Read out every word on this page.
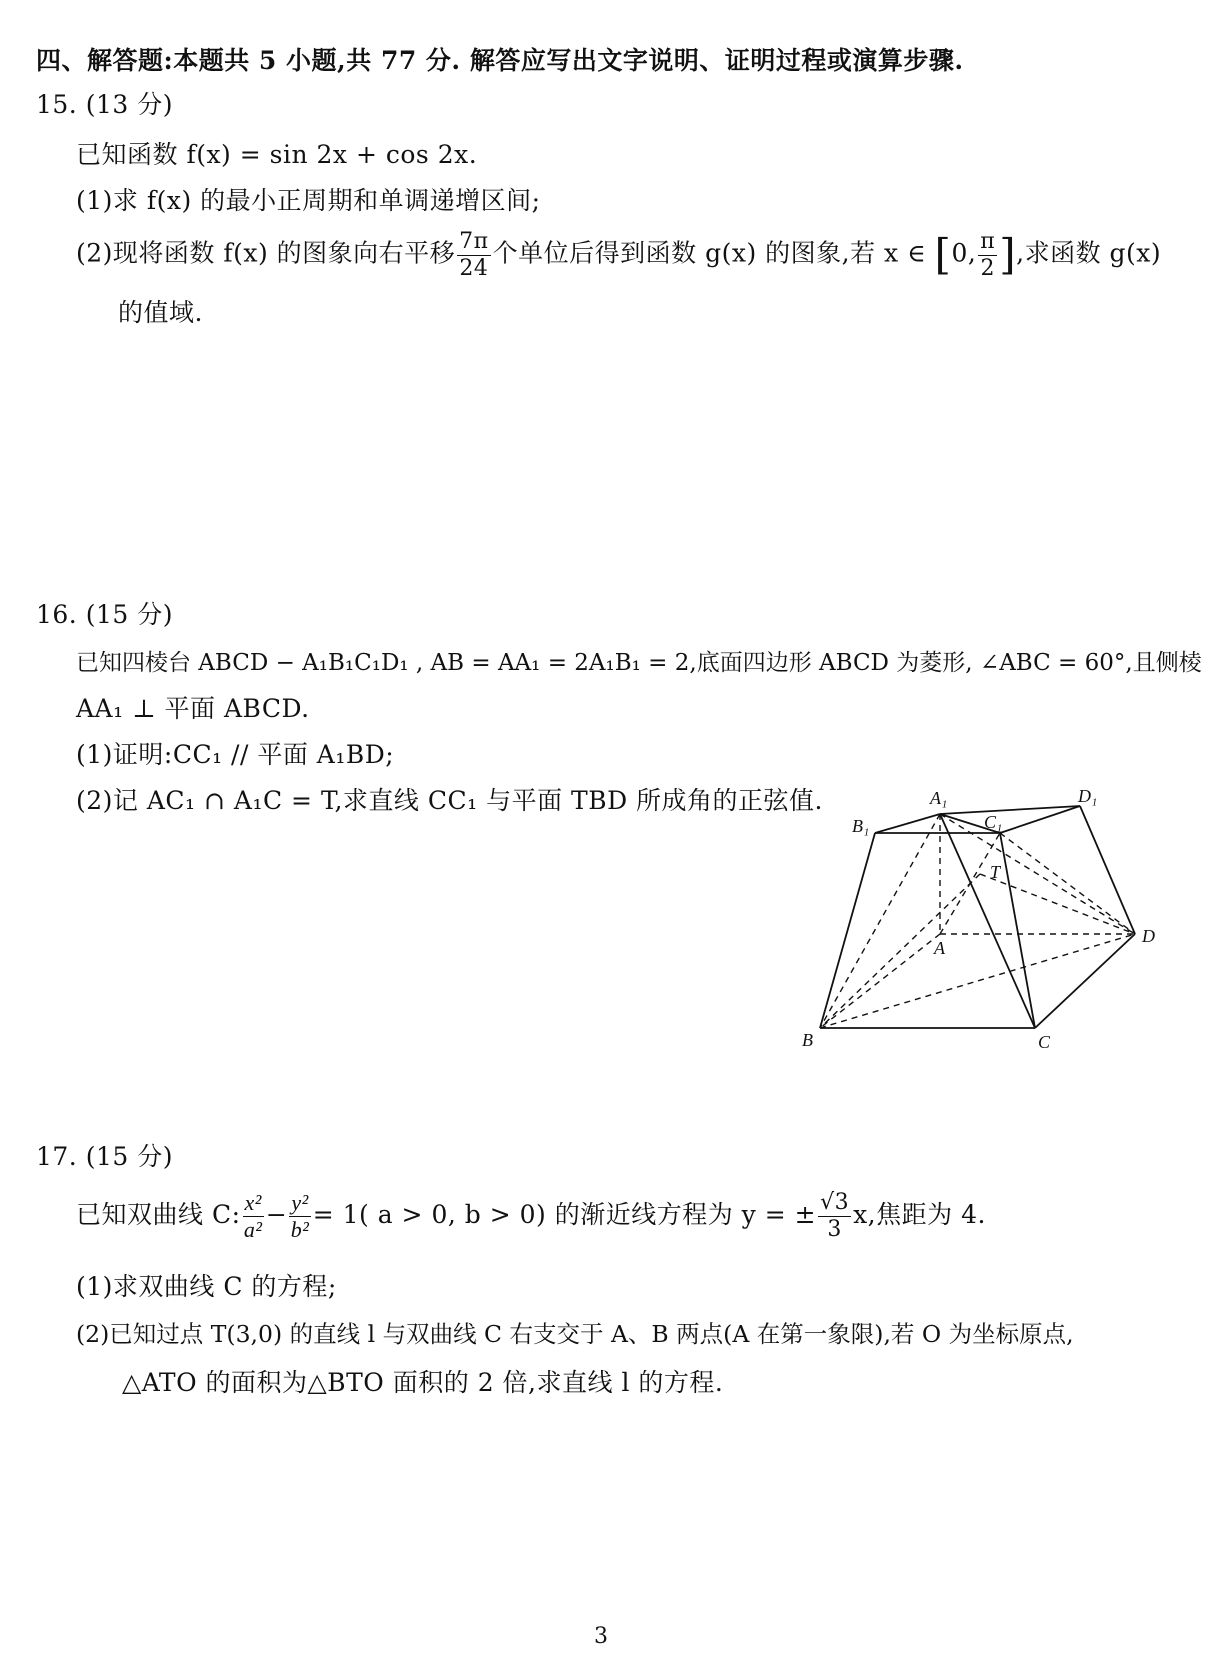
四、解答题:本题共 5 小题,共 77 分. 解答应写出文字说明、证明过程或演算步骤.
15. (13 分)
已知函数 f(x) = sin 2x + cos 2x.
(1)求 f(x) 的最小正周期和单调递增区间;
(2)现将函数 f(x) 的图象向右平移 $\frac{7\pi}{24}$ 个单位后得到函数 g(x) 的图象,若 x ∈ [0, $\frac{\pi}{2}$ ],求函数 g(x)
的值域.
16. (15 分)
已知四棱台 ABCD − A₁B₁C₁D₁ , AB = AA₁ = 2A₁B₁ = 2,底面四边形 ABCD 为菱形, ∠ABC = 60°,且侧棱
AA₁ ⊥ 平面 ABCD.
(1)证明:CC₁ // 平面 A₁BD;
(2)记 AC₁ ∩ A₁C = T,求直线 CC₁ 与平面 TBD 所成角的正弦值.	A₁	D₁
B₁	C₁
T
A
D
B	C
17. (15 分)
已知双曲线 C: $\frac{\text{x²}}{\text{a²}} - \frac{\text{y²}}{\text{b²}} = 1$( a > 0, b > 0) 的渐近线方程为 y = ± $\frac{√3}{3} x$,焦距为 4.
(1)求双曲线 C 的方程;
(2)已知过点 T(3,0) 的直线 l 与双曲线 C 右支交于 A、B 两点(A 在第一象限),若 O 为坐标原点,
△ATO 的面积为△BTO 面积的 2 倍,求直线 l 的方程.
3
